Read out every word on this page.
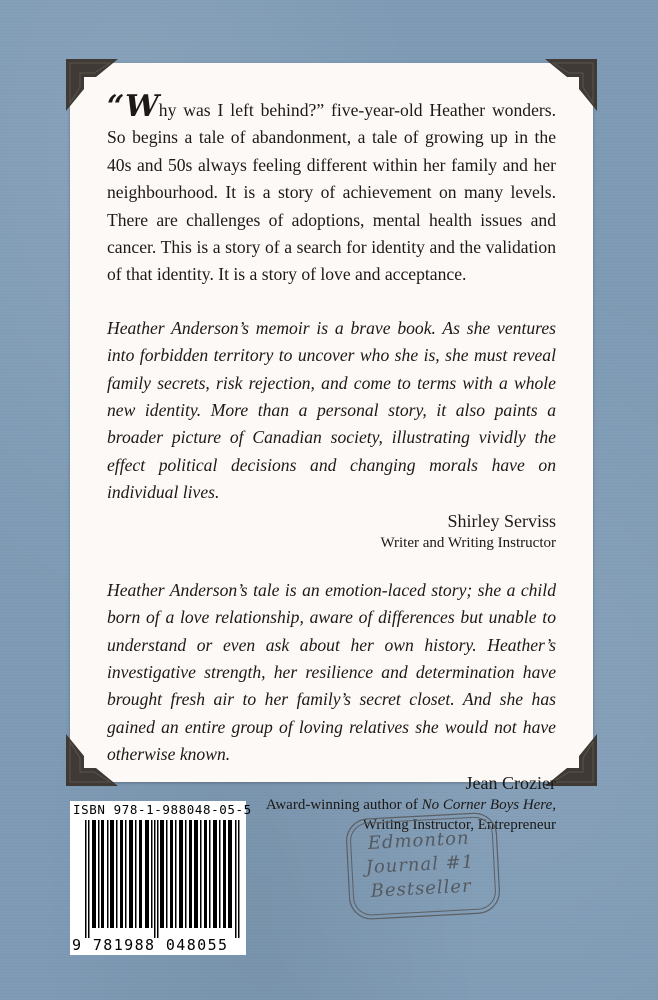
“Why was I left behind?” five-year-old Heather wonders. So begins a tale of abandonment, a tale of growing up in the 40s and 50s always feeling different within her family and her neighbourhood. It is a story of achievement on many levels. There are challenges of adoptions, mental health issues and cancer. This is a story of a search for identity and the validation of that identity. It is a story of love and acceptance.

Heather Anderson’s memoir is a brave book. As she ventures into forbidden territory to uncover who she is, she must reveal family secrets, risk rejection, and come to terms with a whole new identity. More than a personal story, it also paints a broader picture of Canadian society, illustrating vividly the effect political decisions and changing morals have on individual lives.

Shirley Serviss
Writer and Writing Instructor

Heather Anderson’s tale is an emotion-laced story; she a child born of a love relationship, aware of differences but unable to understand or even ask about her own history. Heather’s investigative strength, her resilience and determination have brought fresh air to her family’s secret closet. And she has gained an entire group of loving relatives she would not have otherwise known.

Jean Crozier
Award-winning author of No Corner Boys Here,
Writing Instructor, Entrepreneur
ISBN 978-1-988048-05-5
9 781988 048055
Edmonton
Journal #1
Bestseller
